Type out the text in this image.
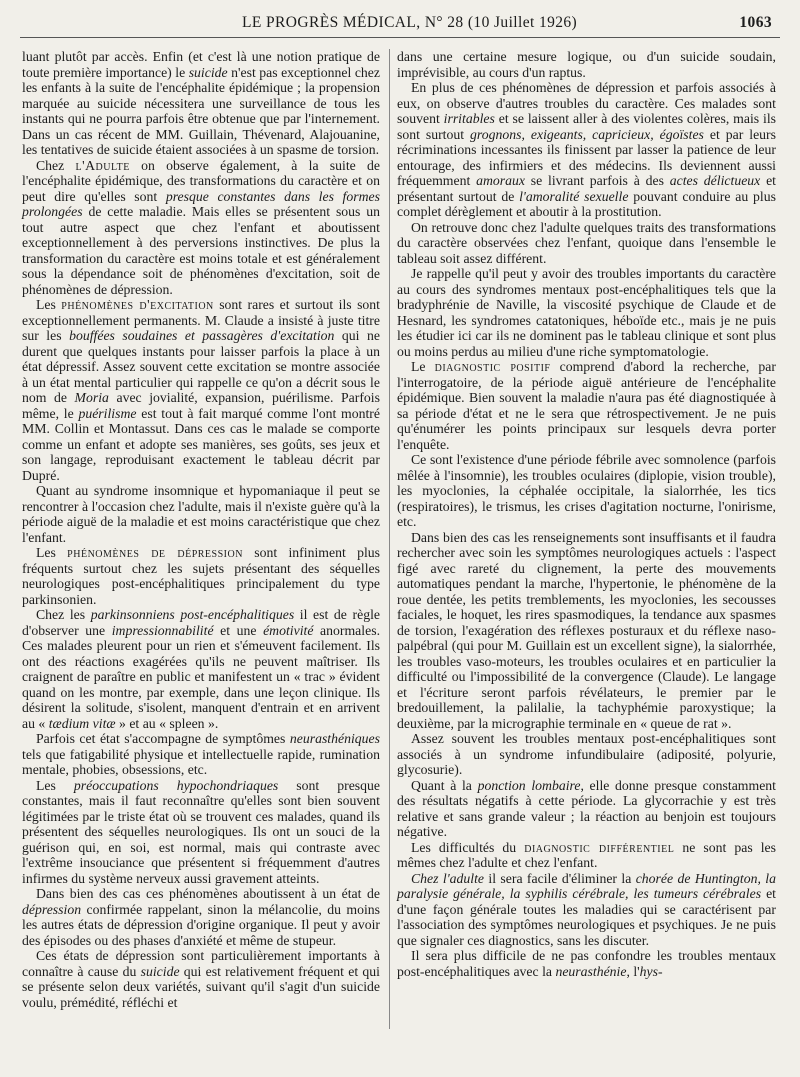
LE PROGRÈS MÉDICAL, N° 28 (10 Juillet 1926)	1063

luant plutôt par accès. Enfin (et c'est là une notion pratique de toute première importance) le suicide n'est pas exceptionnel chez les enfants à la suite de l'encéphalite épidémique ; la propension marquée au suicide nécessitera une surveillance de tous les instants qui ne pourra parfois être obtenue que par l'internement. Dans un cas récent de MM. Guillain, Thévenard, Alajouanine, les tentatives de suicide étaient associées à un spasme de torsion.

Chez l'Adulte on observe également, à la suite de l'encéphalite épidémique, des transformations du caractère et on peut dire qu'elles sont presque constantes dans les formes prolongées de cette maladie. Mais elles se présentent sous un tout autre aspect que chez l'enfant et aboutissent exceptionnellement à des perversions instinctives. De plus la transformation du caractère est moins totale et est généralement sous la dépendance soit de phénomènes d'excitation, soit de phénomènes de dépression.

Les phénomènes d'excitation sont rares et surtout ils sont exceptionnellement permanents. M. Claude a insisté à juste titre sur les bouffées soudaines et passagères d'excitation qui ne durent que quelques instants pour laisser parfois la place à un état dépressif. Assez souvent cette excitation se montre associée à un état mental particulier qui rappelle ce qu'on a décrit sous le nom de Moria avec jovialité, expansion, puérilisme. Parfois même, le puérilisme est tout à fait marqué comme l'ont montré MM. Collin et Montassut. Dans ces cas le malade se comporte comme un enfant et adopte ses manières, ses goûts, ses jeux et son langage, reproduisant exactement le tableau décrit par Dupré.

Quant au syndrome insomnique et hypomaniaque il peut se rencontrer à l'occasion chez l'adulte, mais il n'existe guère qu'à la période aiguë de la maladie et est moins caractéristique que chez l'enfant.

Les phénomènes de dépression sont infiniment plus fréquents surtout chez les sujets présentant des séquelles neurologiques post-encéphalitiques principalement du type parkinsonien.

Chez les parkinsonniens post-encéphalitiques il est de règle d'observer une impressionnabilité et une émotivité anormales. Ces malades pleurent pour un rien et s'émeuvent facilement. Ils ont des réactions exagérées qu'ils ne peuvent maîtriser. Ils craignent de paraître en public et manifestent un « trac » évident quand on les montre, par exemple, dans une leçon clinique. Ils désirent la solitude, s'isolent, manquent d'entrain et en arrivent au « tædium vitæ » et au « spleen ».

Parfois cet état s'accompagne de symptômes neurasthéniques tels que fatigabilité physique et intellectuelle rapide, rumination mentale, phobies, obsessions, etc.

Les préoccupations hypochondriaques sont presque constantes, mais il faut reconnaître qu'elles sont bien souvent légitimées par le triste état où se trouvent ces malades, quand ils présentent des séquelles neurologiques. Ils ont un souci de la guérison qui, en soi, est normal, mais qui contraste avec l'extrême insouciance que présentent si fréquemment d'autres infirmes du système nerveux aussi gravement atteints.

Dans bien des cas ces phénomènes aboutissent à un état de dépression confirmée rappelant, sinon la mélancolie, du moins les autres états de dépression d'origine organique. Il peut y avoir des épisodes ou des phases d'anxiété et même de stupeur.

Ces états de dépression sont particulièrement importants à connaître à cause du suicide qui est relativement fréquent et qui se présente selon deux variétés, suivant qu'il s'agit d'un suicide voulu, prémédité, réfléchi et

dans une certaine mesure logique, ou d'un suicide soudain, imprévisible, au cours d'un raptus.

En plus de ces phénomènes de dépression et parfois associés à eux, on observe d'autres troubles du caractère. Ces malades sont souvent irritables et se laissent aller à des violentes colères, mais ils sont surtout grognons, exigeants, capricieux, égoïstes et par leurs récriminations incessantes ils finissent par lasser la patience de leur entourage, des infirmiers et des médecins. Ils deviennent aussi fréquemment amoraux se livrant parfois à des actes délictueux et présentant surtout de l'amoralité sexuelle pouvant conduire au plus complet dérèglement et aboutir à la prostitution.

On retrouve donc chez l'adulte quelques traits des transformations du caractère observées chez l'enfant, quoique dans l'ensemble le tableau soit assez différent.

Je rappelle qu'il peut y avoir des troubles importants du caractère au cours des syndromes mentaux post-encéphalitiques tels que la bradyphrénie de Naville, la viscosité psychique de Claude et de Hesnard, les syndromes catatoniques, héboïde etc., mais je ne puis les étudier ici car ils ne dominent pas le tableau clinique et sont plus ou moins perdus au milieu d'une riche symptomatologie.

Le diagnostic positif comprend d'abord la recherche, par l'interrogatoire, de la période aiguë antérieure de l'encéphalite épidémique. Bien souvent la maladie n'aura pas été diagnostiquée à sa période d'état et ne le sera que rétrospectivement. Je ne puis qu'énumérer les points principaux sur lesquels devra porter l'enquête.

Ce sont l'existence d'une période fébrile avec somnolence (parfois mêlée à l'insomnie), les troubles oculaires (diplopie, vision trouble), les myoclonies, la céphalée occipitale, la sialorrhée, les tics (respiratoires), le trismus, les crises d'agitation nocturne, l'onirisme, etc.

Dans bien des cas les renseignements sont insuffisants et il faudra rechercher avec soin les symptômes neurologiques actuels : l'aspect figé avec rareté du clignement, la perte des mouvements automatiques pendant la marche, l'hypertonie, le phénomène de la roue dentée, les petits tremblements, les myoclonies, les secousses faciales, le hoquet, les rires spasmodiques, la tendance aux spasmes de torsion, l'exagération des réflexes posturaux et du réflexe naso-palpébral (qui pour M. Guillain est un excellent signe), la sialorrhée, les troubles vaso-moteurs, les troubles oculaires et en particulier la difficulté ou l'impossibilité de la convergence (Claude). Le langage et l'écriture seront parfois révélateurs, le premier par le bredouillement, la palilalie, la tachyphémie paroxystique; la deuxième, par la micrographie terminale en « queue de rat ».

Assez souvent les troubles mentaux post-encéphalitiques sont associés à un syndrome infundibulaire (adiposité, polyurie, glycosurie).

Quant à la ponction lombaire, elle donne presque constamment des résultats négatifs à cette période. La glycorrachie y est très relative et sans grande valeur ; la réaction au benjoin est toujours négative.

Les difficultés du diagnostic différentiel ne sont pas les mêmes chez l'adulte et chez l'enfant.

Chez l'adulte il sera facile d'éliminer la chorée de Huntington, la paralysie générale, la syphilis cérébrale, les tumeurs cérébrales et d'une façon générale toutes les maladies qui se caractérisent par l'association des symptômes neurologiques et psychiques. Je ne puis que signaler ces diagnostics, sans les discuter.

Il sera plus difficile de ne pas confondre les troubles mentaux post-encéphalitiques avec la neurasthénie, l'hys-
